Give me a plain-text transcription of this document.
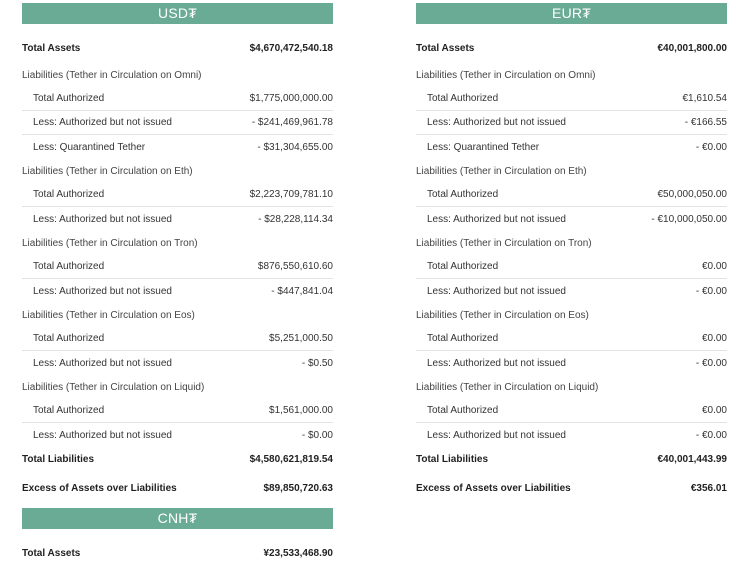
USD₮
Total Assets	$4,670,472,540.18
Liabilities (Tether in Circulation on Omni)
Total Authorized	$1,775,000,000.00
Less: Authorized but not issued	- $241,469,961.78
Less: Quarantined Tether	- $31,304,655.00
Liabilities (Tether in Circulation on Eth)
Total Authorized	$2,223,709,781.10
Less: Authorized but not issued	- $28,228,114.34
Liabilities (Tether in Circulation on Tron)
Total Authorized	$876,550,610.60
Less: Authorized but not issued	- $447,841.04
Liabilities (Tether in Circulation on Eos)
Total Authorized	$5,251,000.50
Less: Authorized but not issued	- $0.50
Liabilities (Tether in Circulation on Liquid)
Total Authorized	$1,561,000.00
Less: Authorized but not issued	- $0.00
Total Liabilities	$4,580,621,819.54
Excess of Assets over Liabilities	$89,850,720.63
EUR₮
Total Assets	€40,001,800.00
Liabilities (Tether in Circulation on Omni)
Total Authorized	€1,610.54
Less: Authorized but not issued	- €166.55
Less: Quarantined Tether	- €0.00
Liabilities (Tether in Circulation on Eth)
Total Authorized	€50,000,050.00
Less: Authorized but not issued	- €10,000,050.00
Liabilities (Tether in Circulation on Tron)
Total Authorized	€0.00
Less: Authorized but not issued	- €0.00
Liabilities (Tether in Circulation on Eos)
Total Authorized	€0.00
Less: Authorized but not issued	- €0.00
Liabilities (Tether in Circulation on Liquid)
Total Authorized	€0.00
Less: Authorized but not issued	- €0.00
Total Liabilities	€40,001,443.99
Excess of Assets over Liabilities	€356.01
CNH₮
Total Assets	¥23,533,468.90
